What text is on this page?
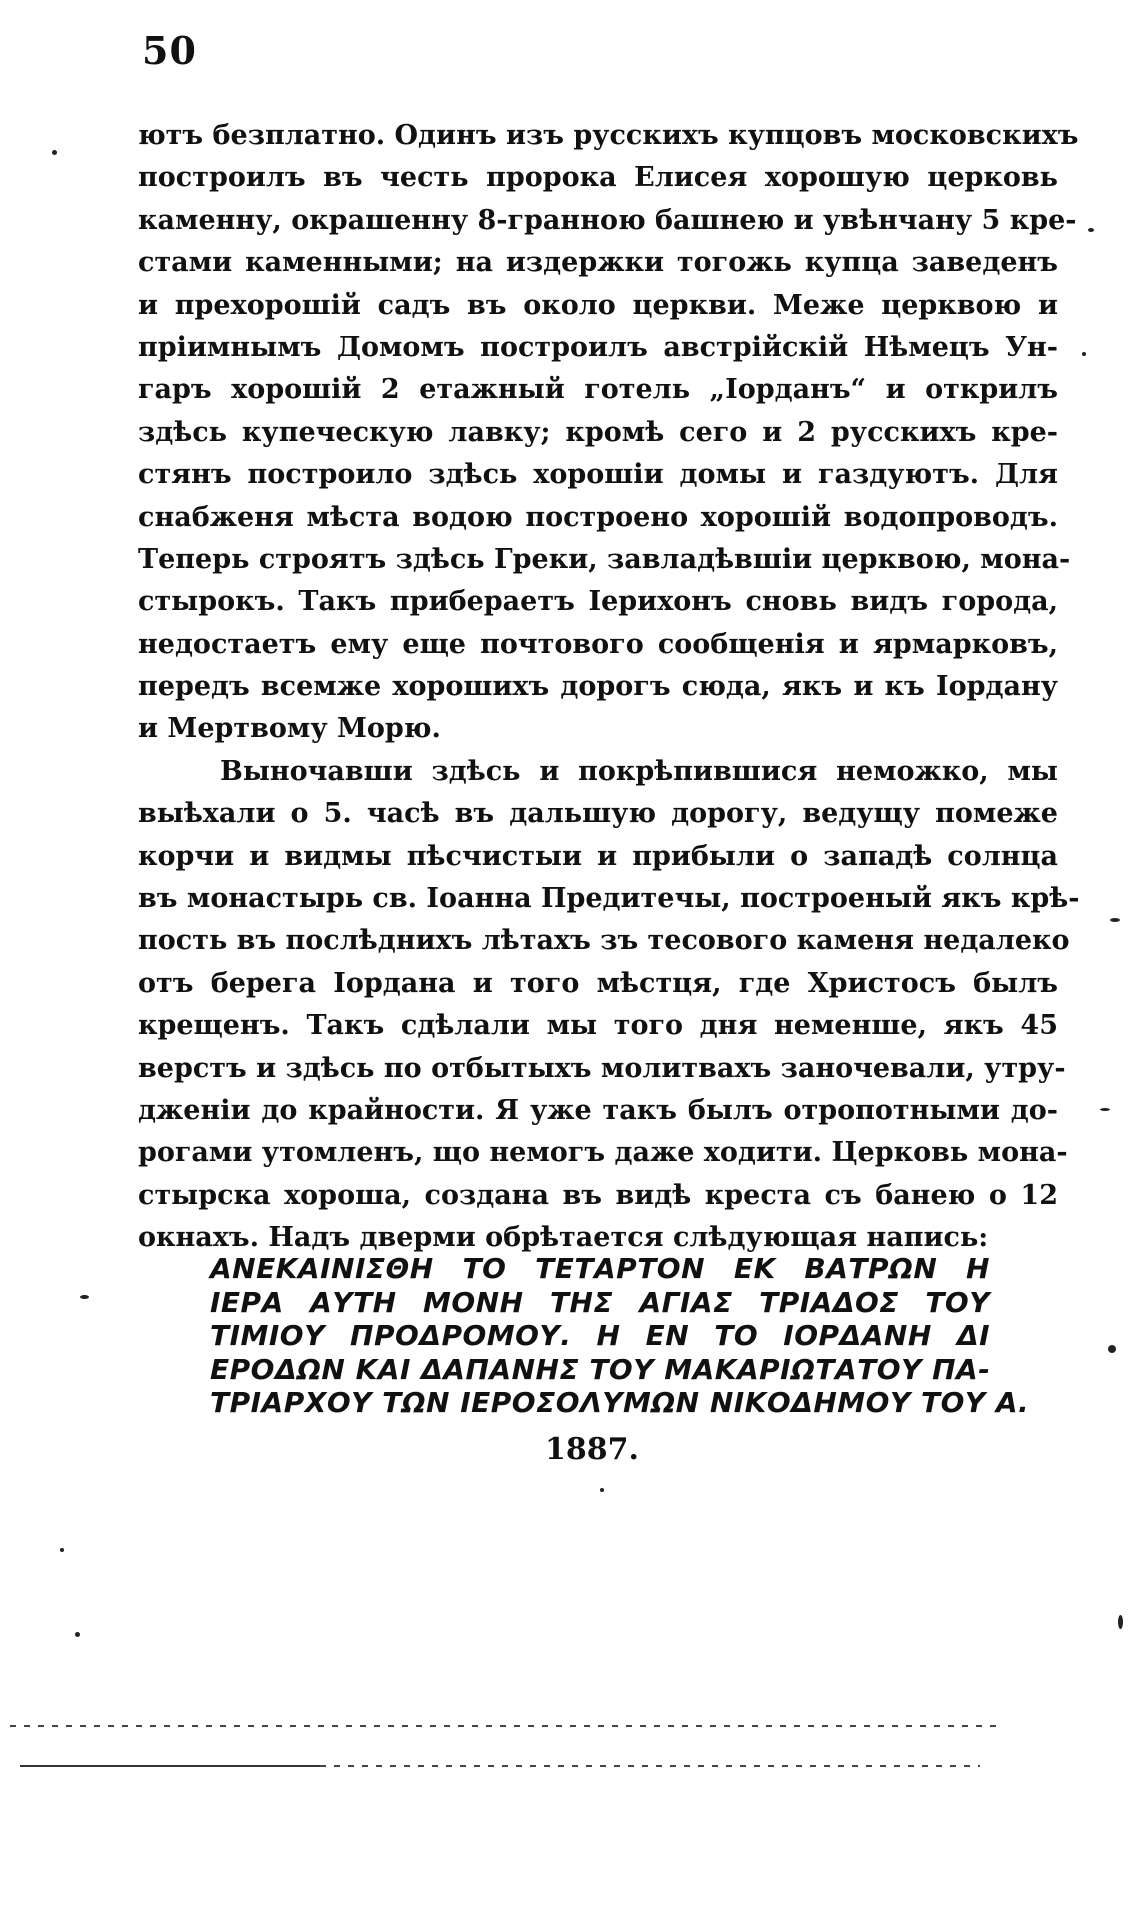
50
ютъ безплатно. Одинъ изъ русскихъ купцовъ московскихъ
построилъ въ честь пророка Елисея хорошую церковь
каменну, окрашенну 8-гранною башнею и увѣнчану 5 кре-
стами каменными; на издержки тогожь купца заведенъ
и прехорошій садъ въ около церкви. Меже церквою и
пріимнымъ Домомъ построилъ австрійскій Нѣмецъ Ун-
гаръ хорошій 2 етажный готель „Іорданъ“ и открилъ
здѣсь купеческую лавку; кромѣ сего и 2 русскихъ кре-
стянъ построило здѣсь хорошіи домы и газдуютъ. Для
снабженя мѣста водою построено хорошій водопроводъ.
Теперь строятъ здѣсь Греки, завладѣвшіи церквою, мона-
стырокъ. Такъ прибераетъ Іерихонъ сновь видъ города,
недостаетъ ему еще почтового сообщенія и ярмарковъ,
передъ всемже хорошихъ дорогъ сюда, якъ и къ Іордану
и Мертвому Морю.
Выночавши здѣсь и покрѣпившися неможко, мы
выѣхали о 5. часѣ въ дальшую дорогу, ведущу помеже
корчи и видмы пѣсчистыи и прибыли о западѣ солнца
въ монастырь св. Іоанна Предитечы, построеный якъ крѣ-
пость въ послѣднихъ лѣтахъ зъ тесового каменя недалеко
отъ берега Іордана и того мѣстця, где Христосъ былъ
крещенъ. Такъ сдѣлали мы того дня неменше, якъ 45
верстъ и здѣсь по отбытыхъ молитвахъ заночевали, утру-
дженiи до крайности. Я уже такъ былъ отропотными до-
рогами утомленъ, що немогъ даже ходити. Церковь мона-
стырска хороша, создана въ видѣ креста съ банею о 12
окнахъ. Надъ дверми обрѣтается слѣдующая напись:
ΑΝΕΚΑΙΝΙΣΘΗ ΤΟ ΤΕΤΑΡΤΟΝ ΕΚ ΒΑΤΡΩΝ Η
ΙΕΡΑ ΑΥΤΗ ΜΟΝΗ ΤΗΣ ΑΓΙΑΣ ΤΡΙΑΔΟΣ ΤΟΥ
ΤΙΜΙΟΥ ΠΡΟΔΡΟΜΟΥ. Η ΕΝ ΤΟ ΙΟΡΔΑΝΗ ΔΙ
ΕΡΟΔΩΝ ΚΑΙ ΔΑΠΑΝΗΣ ΤΟΥ ΜΑΚΑΡΙΩΤΑΤΟΥ ΠΑ-
ΤΡΙΑΡΧΟΥ ΤΩΝ ΙΕΡΟΣΟΛΥΜΩΝ ΝΙΚΟΔΗΜΟΥ ΤΟΥ Α.
1887.
